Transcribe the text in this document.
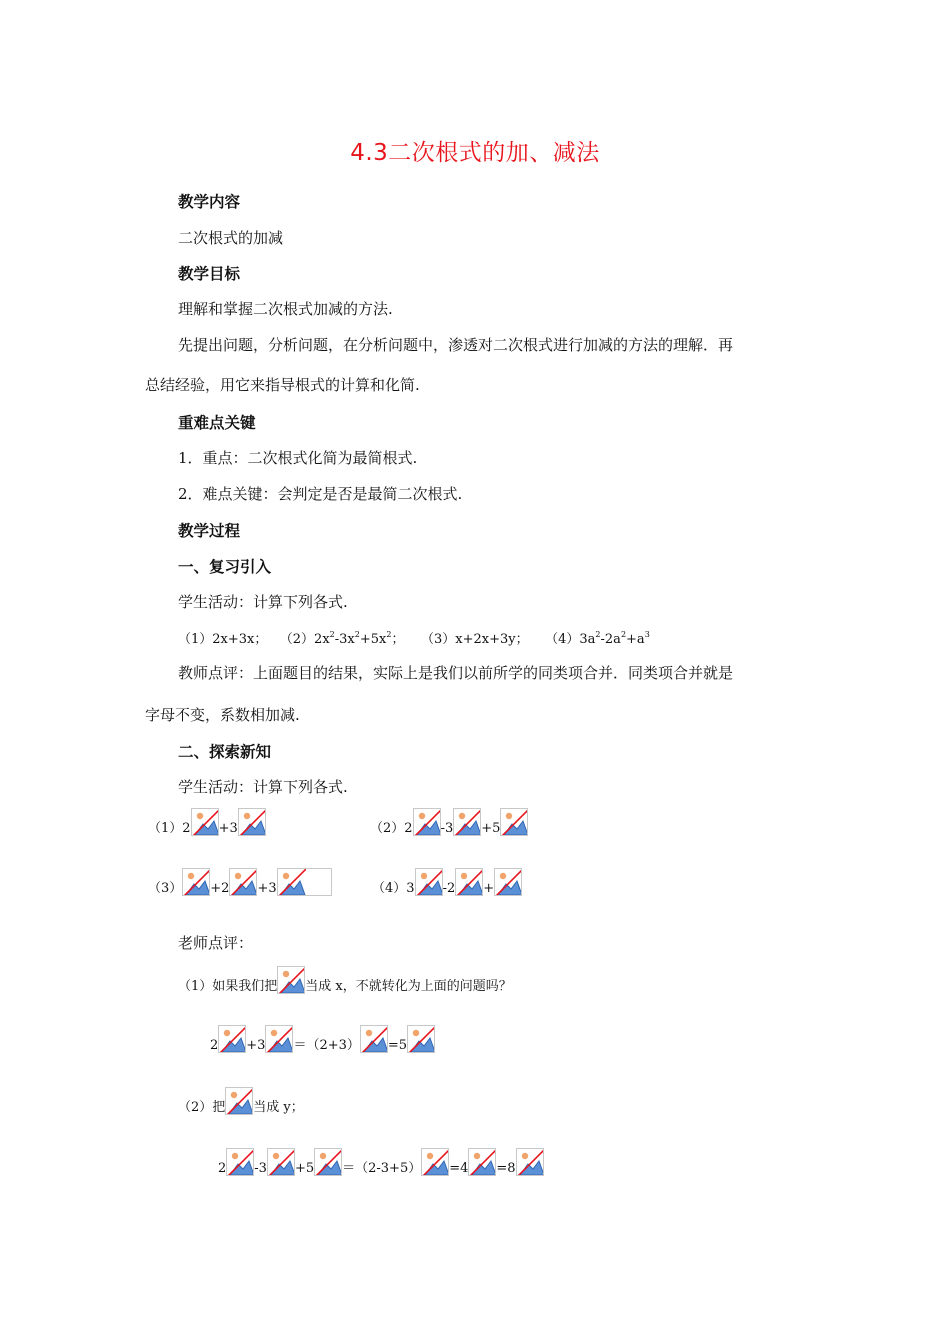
4.3二次根式的加、减法
教学内容
二次根式的加减
教学目标
理解和掌握二次根式加减的方法.
先提出问题，分析问题，在分析问题中，渗透对二次根式进行加减的方法的理解．再
总结经验，用它来指导根式的计算和化简.
重难点关键
1．重点：二次根式化简为最简根式.
2．难点关键：会判定是否是最简二次根式.
教学过程
一、复习引入
学生活动：计算下列各式.
（1）2x+3x； $(2)2x^2-3x^2+5x^2$； （3）x+2x+3y； $(4)3a^2-2a^2+a^3$
教师点评：上面题目的结果，实际上是我们以前所学的同类项合并．同类项合并就是
字母不变，系数相加减.
二、探索新知
学生活动：计算下列各式.
（1） 2 +3	（2） 2 -3 +5
（3） +2 +3	（4） 3 -2 +
老师点评：
（1）如果我们把 当成 x，不就转化为上面的问题吗？
2 +3 ＝（2+3） =5
（2）把 当成 y；
2 -3 +5 ＝（2-3+5） =4 =8
